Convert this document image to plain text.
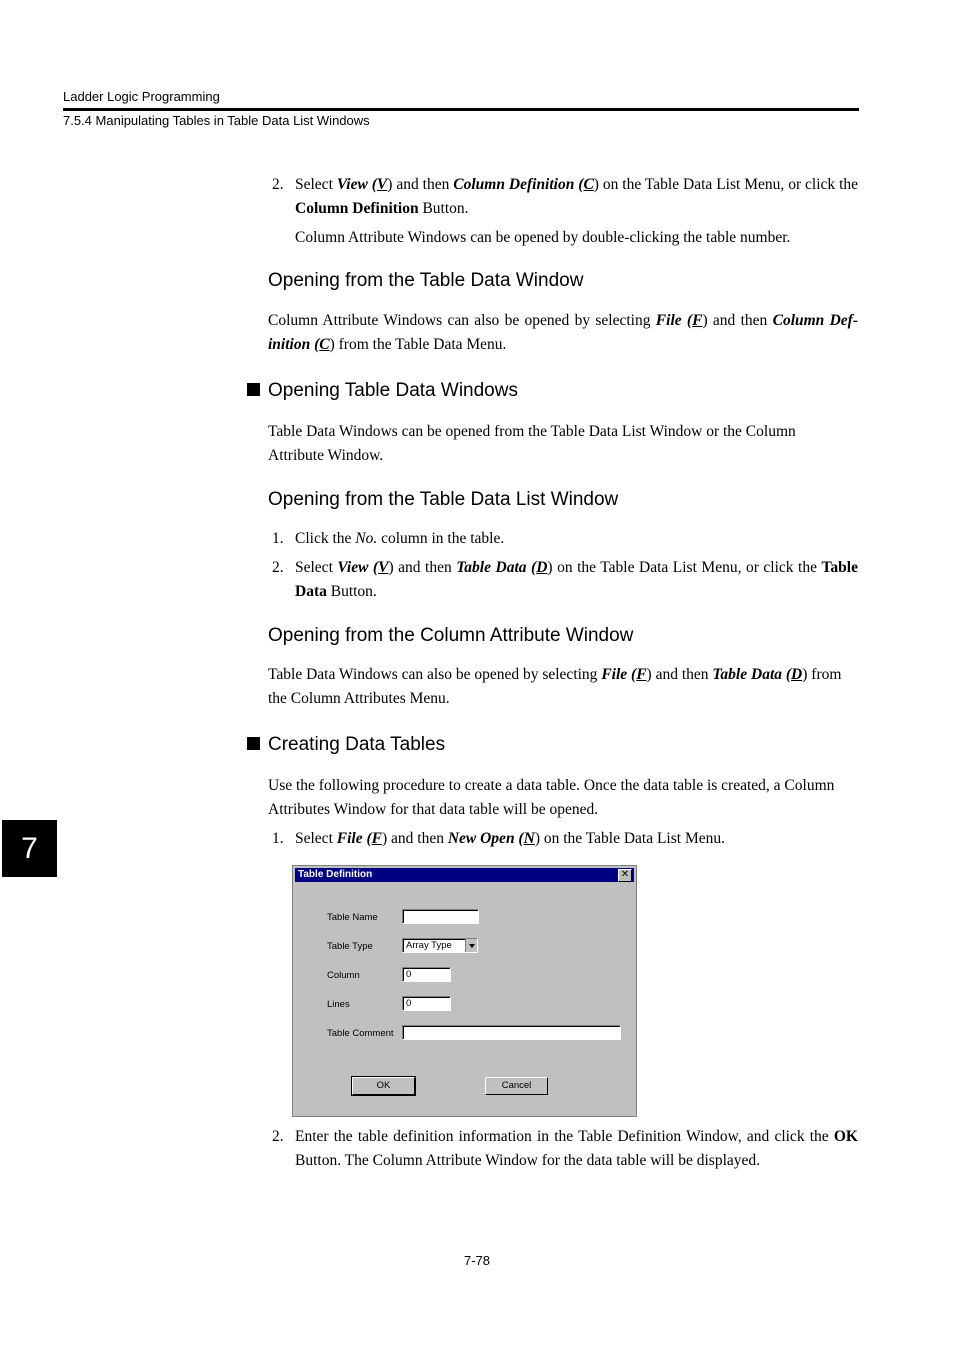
Ladder Logic Programming
7.5.4 Manipulating Tables in Table Data List Windows
2. Select View (V) and then Column Definition (C) on the Table Data List Menu, or click the Column Definition Button.
Column Attribute Windows can be opened by double-clicking the table number.
Opening from the Table Data Window
Column Attribute Windows can also be opened by selecting File (F) and then Column Def-inition (C) from the Table Data Menu.
Opening Table Data Windows
Table Data Windows can be opened from the Table Data List Window or the Column Attribute Window.
Opening from the Table Data List Window
1. Click the No. column in the table.
2. Select View (V) and then Table Data (D) on the Table Data List Menu, or click the Table Data Button.
Opening from the Column Attribute Window
Table Data Windows can also be opened by selecting File (F) and then Table Data (D) from the Column Attributes Menu.
Creating Data Tables
Use the following procedure to create a data table. Once the data table is created, a Column Attributes Window for that data table will be opened.
1. Select File (F) and then New Open (N) on the Table Data List Menu.
Table Definition	✕
Table Name
Table Type	Array Type
Column	0
Lines	0
Table Comment
OK	Cancel
2. Enter the table definition information in the Table Definition Window, and click the OK Button. The Column Attribute Window for the data table will be displayed.
7
7-78
